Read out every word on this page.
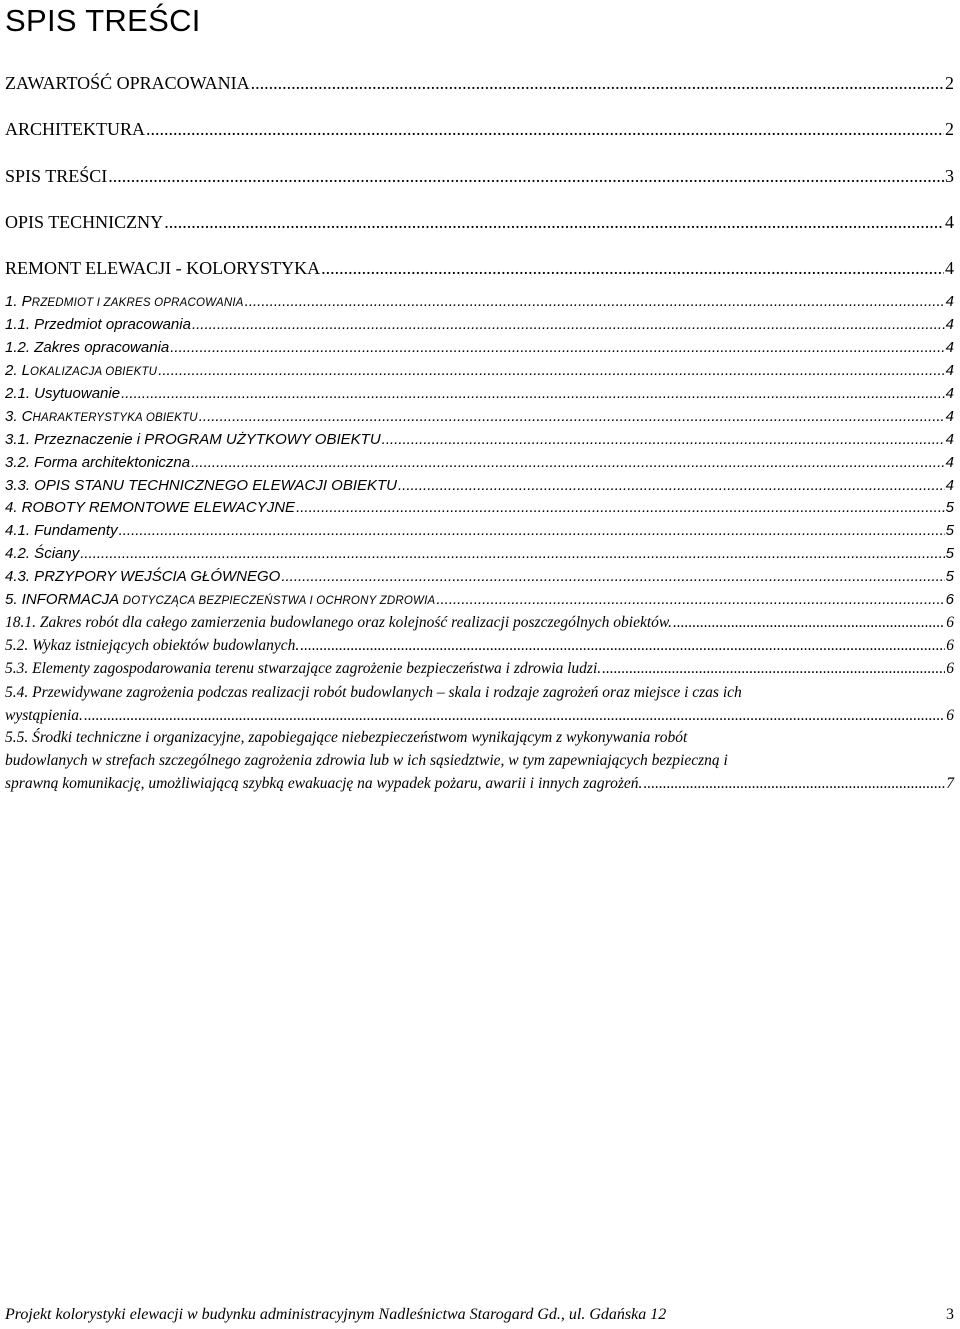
SPIS TREŚCI
ZAWARTOŚĆ OPRACOWANIA .....	2
ARCHITEKTURA .....	2
SPIS TREŚCI .....	3
OPIS TECHNICZNY .....	4
REMONT ELEWACJI - KOLORYSTYKA .....	4
1. PRZEDMIOT I ZAKRES OPRACOWANIA .....	4
1.1. Przedmiot opracowania .....	4
1.2. Zakres opracowania .....	4
2. LOKALIZACJA OBIEKTU .....	4
2.1. Usytuowanie .....	4
3. CHARAKTERYSTYKA OBIEKTU .....	4
3.1. Przeznaczenie i PROGRAM UŻYTKOWY OBIEKTU .....	4
3.2. Forma architektoniczna .....	4
3.3. OPIS STANU TECHNICZNEGO ELEWACJI OBIEKTU .....	4
4. ROBOTY REMONTOWE ELEWACYJNE .....	5
4.1. Fundamenty .....	5
4.2. Ściany .....	5
4.3. PRZYPORY WEJŚCIA GŁÓWNEGO .....	5
5. INFORMACJA DOTYCZĄCA BEZPIECZEŃSTWA I OCHRONY ZDROWIA .....	6
18.1. Zakres robót dla całego zamierzenia budowlanego oraz kolejność realizacji poszczególnych obiektów. .....	6
5.2. Wykaz istniejących obiektów budowlanych. .....	6
5.3. Elementy zagospodarowania terenu stwarzające zagrożenie bezpieczeństwa i zdrowia ludzi. .....	6
5.4. Przewidywane zagrożenia podczas realizacji robót budowlanych – skala i rodzaje zagrożeń oraz miejsce i czas ich
wystąpienia. .....	6
5.5. Środki techniczne i organizacyjne, zapobiegające niebezpieczeństwom wynikającym z wykonywania robót
budowlanych w strefach szczególnego zagrożenia zdrowia lub w ich sąsiedztwie, w tym zapewniających bezpieczną i
sprawną komunikację, umożliwiającą szybką ewakuację na wypadek pożaru, awarii i innych zagrożeń. .....	7
Projekt kolorystyki elewacji w budynku administracyjnym Nadleśnictwa Starogard Gd., ul. Gdańska 12	3
